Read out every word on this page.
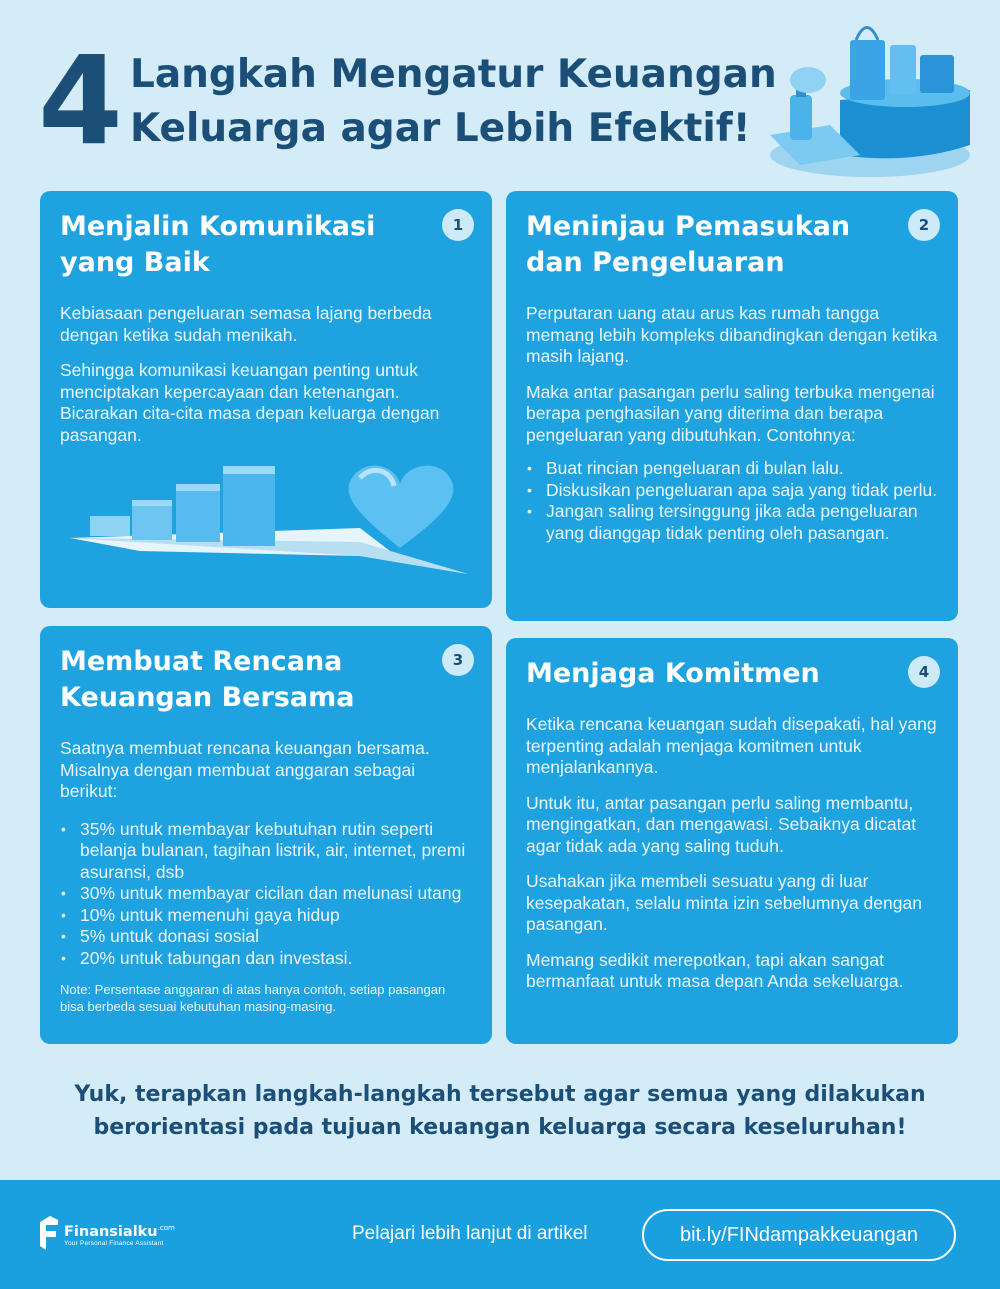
4 Langkah Mengatur Keuangan
Keluarga agar Lebih Efektif!
Menjalin Komunikasi yang Baik
1

Kebiasaan pengeluaran semasa lajang berbeda dengan ketika sudah menikah.

Sehingga komunikasi keuangan penting untuk menciptakan kepercayaan dan ketenangan. Bicarakan cita-cita masa depan keluarga dengan pasangan.

Meninjau Pemasukan dan Pengeluaran
2

Perputaran uang atau arus kas rumah tangga memang lebih kompleks dibandingkan dengan ketika masih lajang.

Maka antar pasangan perlu saling terbuka mengenai berapa penghasilan yang diterima dan berapa pengeluaran yang dibutuhkan. Contohnya:

• Buat rincian pengeluaran di bulan lalu.
• Diskusikan pengeluaran apa saja yang tidak perlu.
• Jangan saling tersinggung jika ada pengeluaran yang dianggap tidak penting oleh pasangan.
Membuat Rencana Keuangan Bersama
3

Saatnya membuat rencana keuangan bersama. Misalnya dengan membuat anggaran sebagai berikut:

• 35% untuk membayar kebutuhan rutin seperti belanja bulanan, tagihan listrik, air, internet, premi asuransi, dsb
• 30% untuk membayar cicilan dan melunasi utang
• 10% untuk memenuhi gaya hidup
• 5% untuk donasi sosial
• 20% untuk tabungan dan investasi.

Note: Persentase anggaran di atas hanya contoh, setiap pasangan bisa berbeda sesuai kebutuhan masing-masing.

Menjaga Komitmen	4

Ketika rencana keuangan sudah disepakati, hal yang terpenting adalah menjaga komitmen untuk menjalankannya.

Untuk itu, antar pasangan perlu saling membantu, mengingatkan, dan mengawasi. Sebaiknya dicatat agar tidak ada yang saling tuduh.

Usahakan jika membeli sesuatu yang di luar kesepakatan, selalu minta izin sebelumnya dengan pasangan.

Memang sedikit merepotkan, tapi akan sangat bermanfaat untuk masa depan Anda sekeluarga.

Yuk, terapkan langkah-langkah tersebut agar semua yang dilakukan
berorientasi pada tujuan keuangan keluarga secara keseluruhan!
Finansialku$^{.com}$
Your Personal Finance Assistant	Pelajari lebih lanjut di artikel	bit.ly/FINdampakkeuangan
